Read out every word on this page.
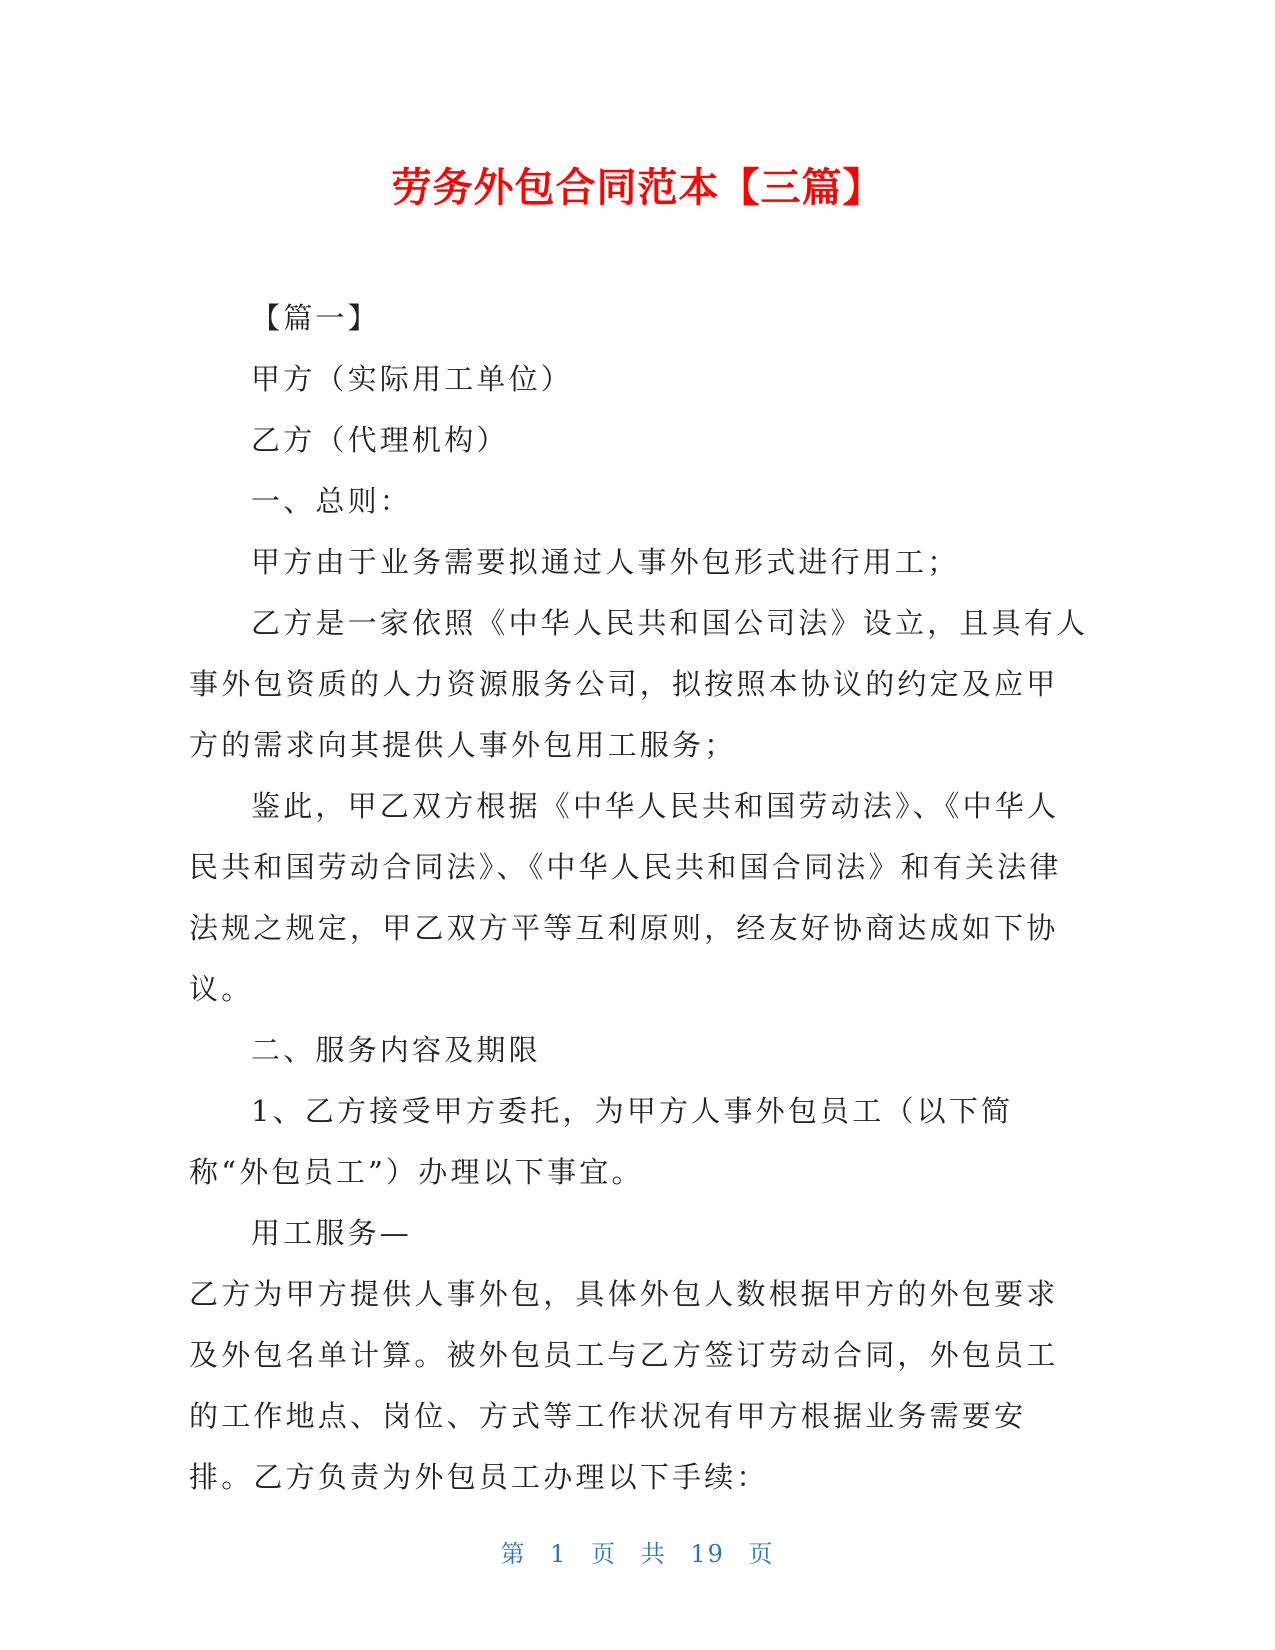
劳务外包合同范本【三篇】

【篇一】

甲方（实际用工单位）

乙方（代理机构）

一、总则：

甲方由于业务需要拟通过人事外包形式进行用工；

乙方是一家依照《中华人民共和国公司法》设立，且具有人事外包资质的人力资源服务公司，拟按照本协议的约定及应甲方的需求向其提供人事外包用工服务；

鉴此，甲乙双方根据《中华人民共和国劳动法》、《中华人民共和国劳动合同法》、《中华人民共和国合同法》和有关法律法规之规定，甲乙双方平等互利原则，经友好协商达成如下协议。

二、服务内容及期限

1、乙方接受甲方委托，为甲方人事外包员工（以下简称“外包员工”）办理以下事宜。

用工服务—

乙方为甲方提供人事外包，具体外包人数根据甲方的外包要求及外包名单计算。被外包员工与乙方签订劳动合同，外包员工的工作地点、岗位、方式等工作状况有甲方根据业务需要安排。乙方负责为外包员工办理以下手续：

第 1 页 共 19 页
